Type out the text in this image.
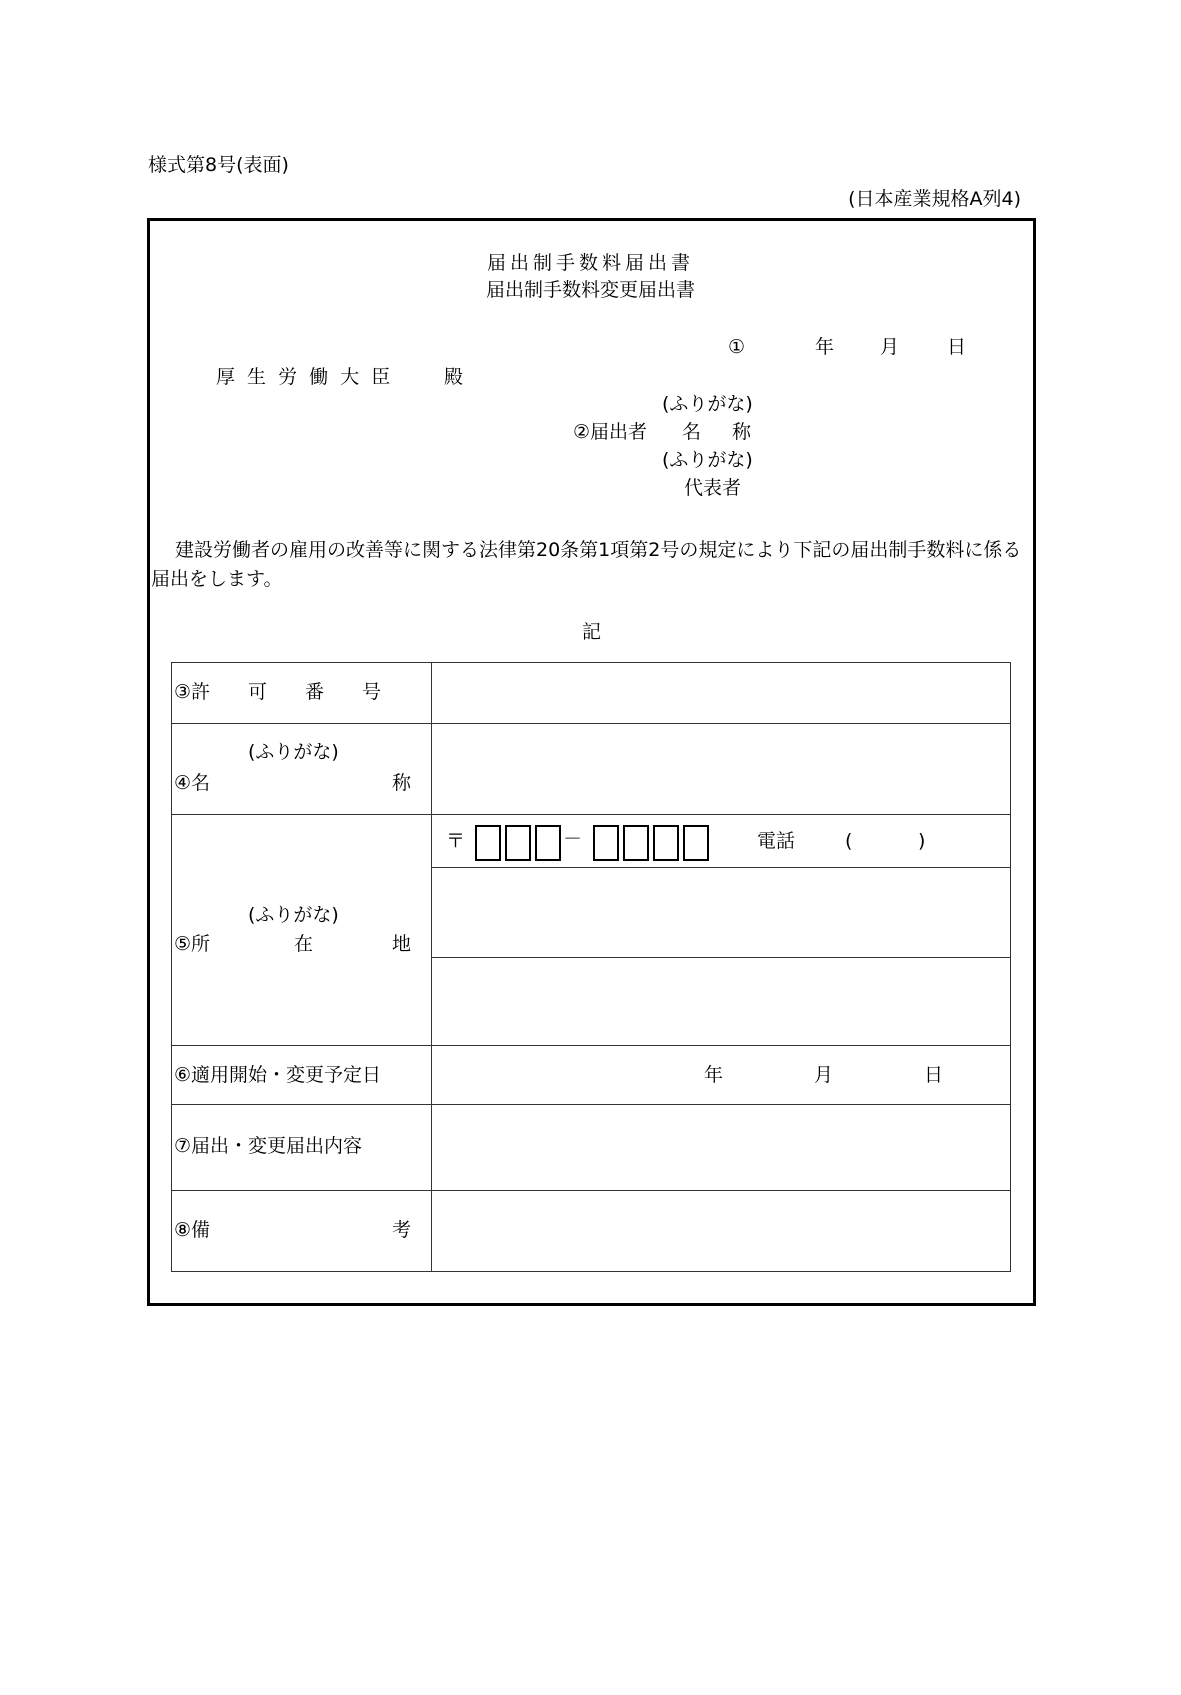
様式第8号(表面)
(日本産業規格A列4)
届出制手数料届出書
届出制手数料変更届出書
①	年 月	日
厚 生 労 働 大 臣	殿
(ふりがな)
②届出者 名　称
(ふりがな)
代表者
建設労働者の雇用の改善等に関する法律第20条第1項第2号の規定により下記の届出制手数料に係る届出をします。
記
③許　　可　　番　　号
(ふりがな)
④名	称
(ふりがな)
⑤所	在	地
〒	－	電話	(	)
⑥適用開始・変更予定日	年	月	日
⑦届出・変更届出内容
⑧備	考
